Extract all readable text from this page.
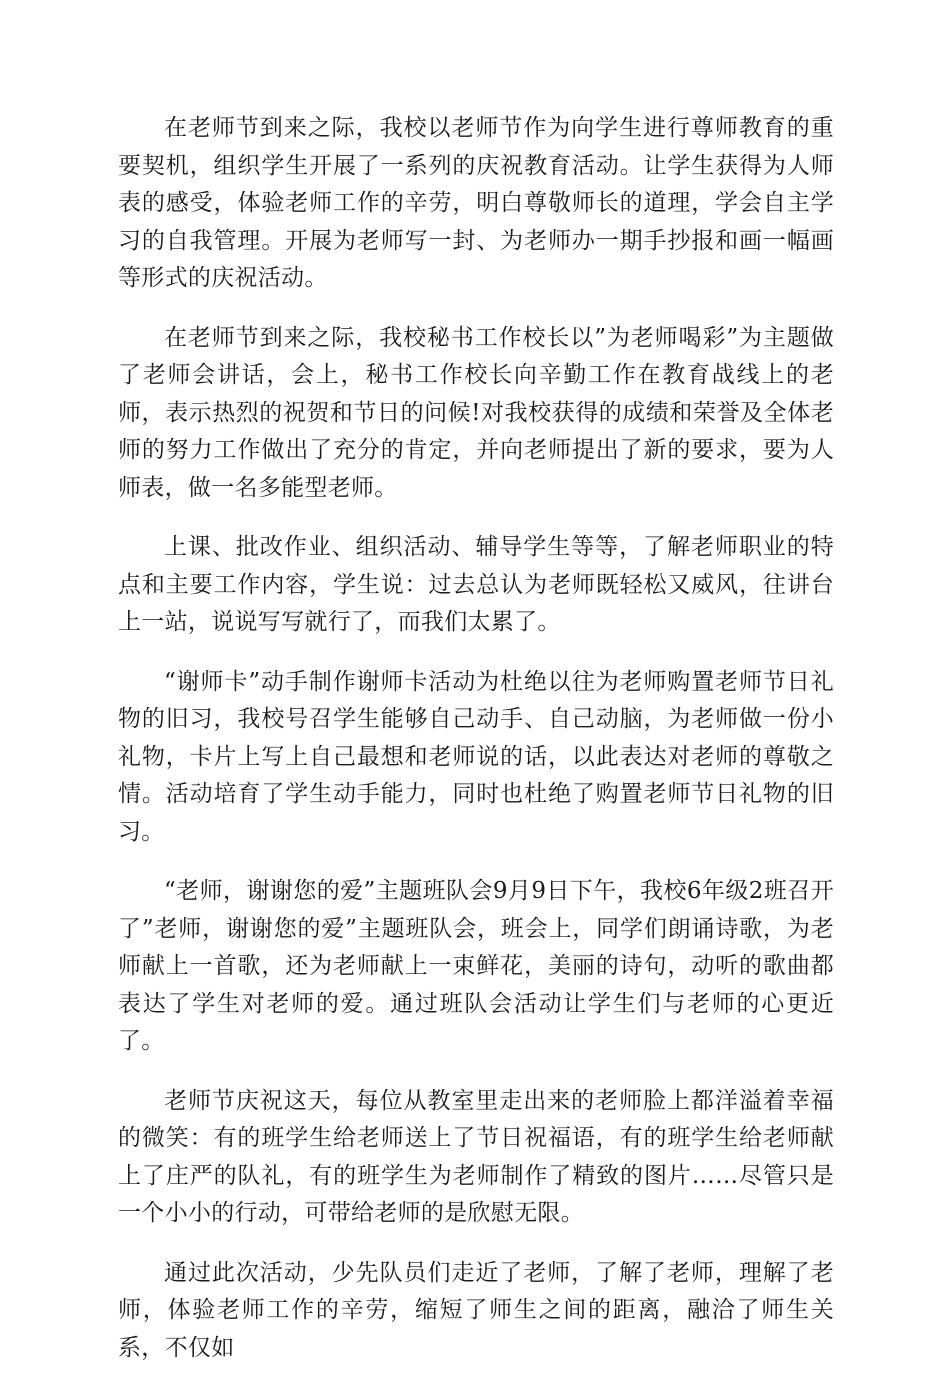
在老师节到来之际，我校以老师节作为向学生进行尊师教育的重要契机，组织学生开展了一系列的庆祝教育活动。让学生获得为人师表的感受，体验老师工作的辛劳，明白尊敬师长的道理，学会自主学习的自我管理。开展为老师写一封、为老师办一期手抄报和画一幅画等形式的庆祝活动。

在老师节到来之际，我校秘书工作校长以”为老师喝彩”为主题做了老师会讲话，会上，秘书工作校长向辛勤工作在教育战线上的老师，表示热烈的祝贺和节日的问候!对我校获得的成绩和荣誉及全体老师的努力工作做出了充分的肯定，并向老师提出了新的要求，要为人师表，做一名多能型老师。

上课、批改作业、组织活动、辅导学生等等，了解老师职业的特点和主要工作内容，学生说：过去总认为老师既轻松又威风，往讲台上一站，说说写写就行了，而我们太累了。

“谢师卡”动手制作谢师卡活动为杜绝以往为老师购置老师节日礼物的旧习，我校号召学生能够自己动手、自己动脑，为老师做一份小礼物，卡片上写上自己最想和老师说的话，以此表达对老师的尊敬之情。活动培育了学生动手能力，同时也杜绝了购置老师节日礼物的旧习。

“老师，谢谢您的爱”主题班队会9月9日下午，我校6年级2班召开了”老师，谢谢您的爱”主题班队会，班会上，同学们朗诵诗歌，为老师献上一首歌，还为老师献上一束鲜花，美丽的诗句，动听的歌曲都表达了学生对老师的爱。通过班队会活动让学生们与老师的心更近了。

老师节庆祝这天，每位从教室里走出来的老师脸上都洋溢着幸福的微笑：有的班学生给老师送上了节日祝福语，有的班学生给老师献上了庄严的队礼，有的班学生为老师制作了精致的图片……尽管只是一个小小的行动，可带给老师的是欣慰无限。

通过此次活动，少先队员们走近了老师，了解了老师，理解了老师，体验老师工作的辛劳，缩短了师生之间的距离，融洽了师生关系，不仅如
